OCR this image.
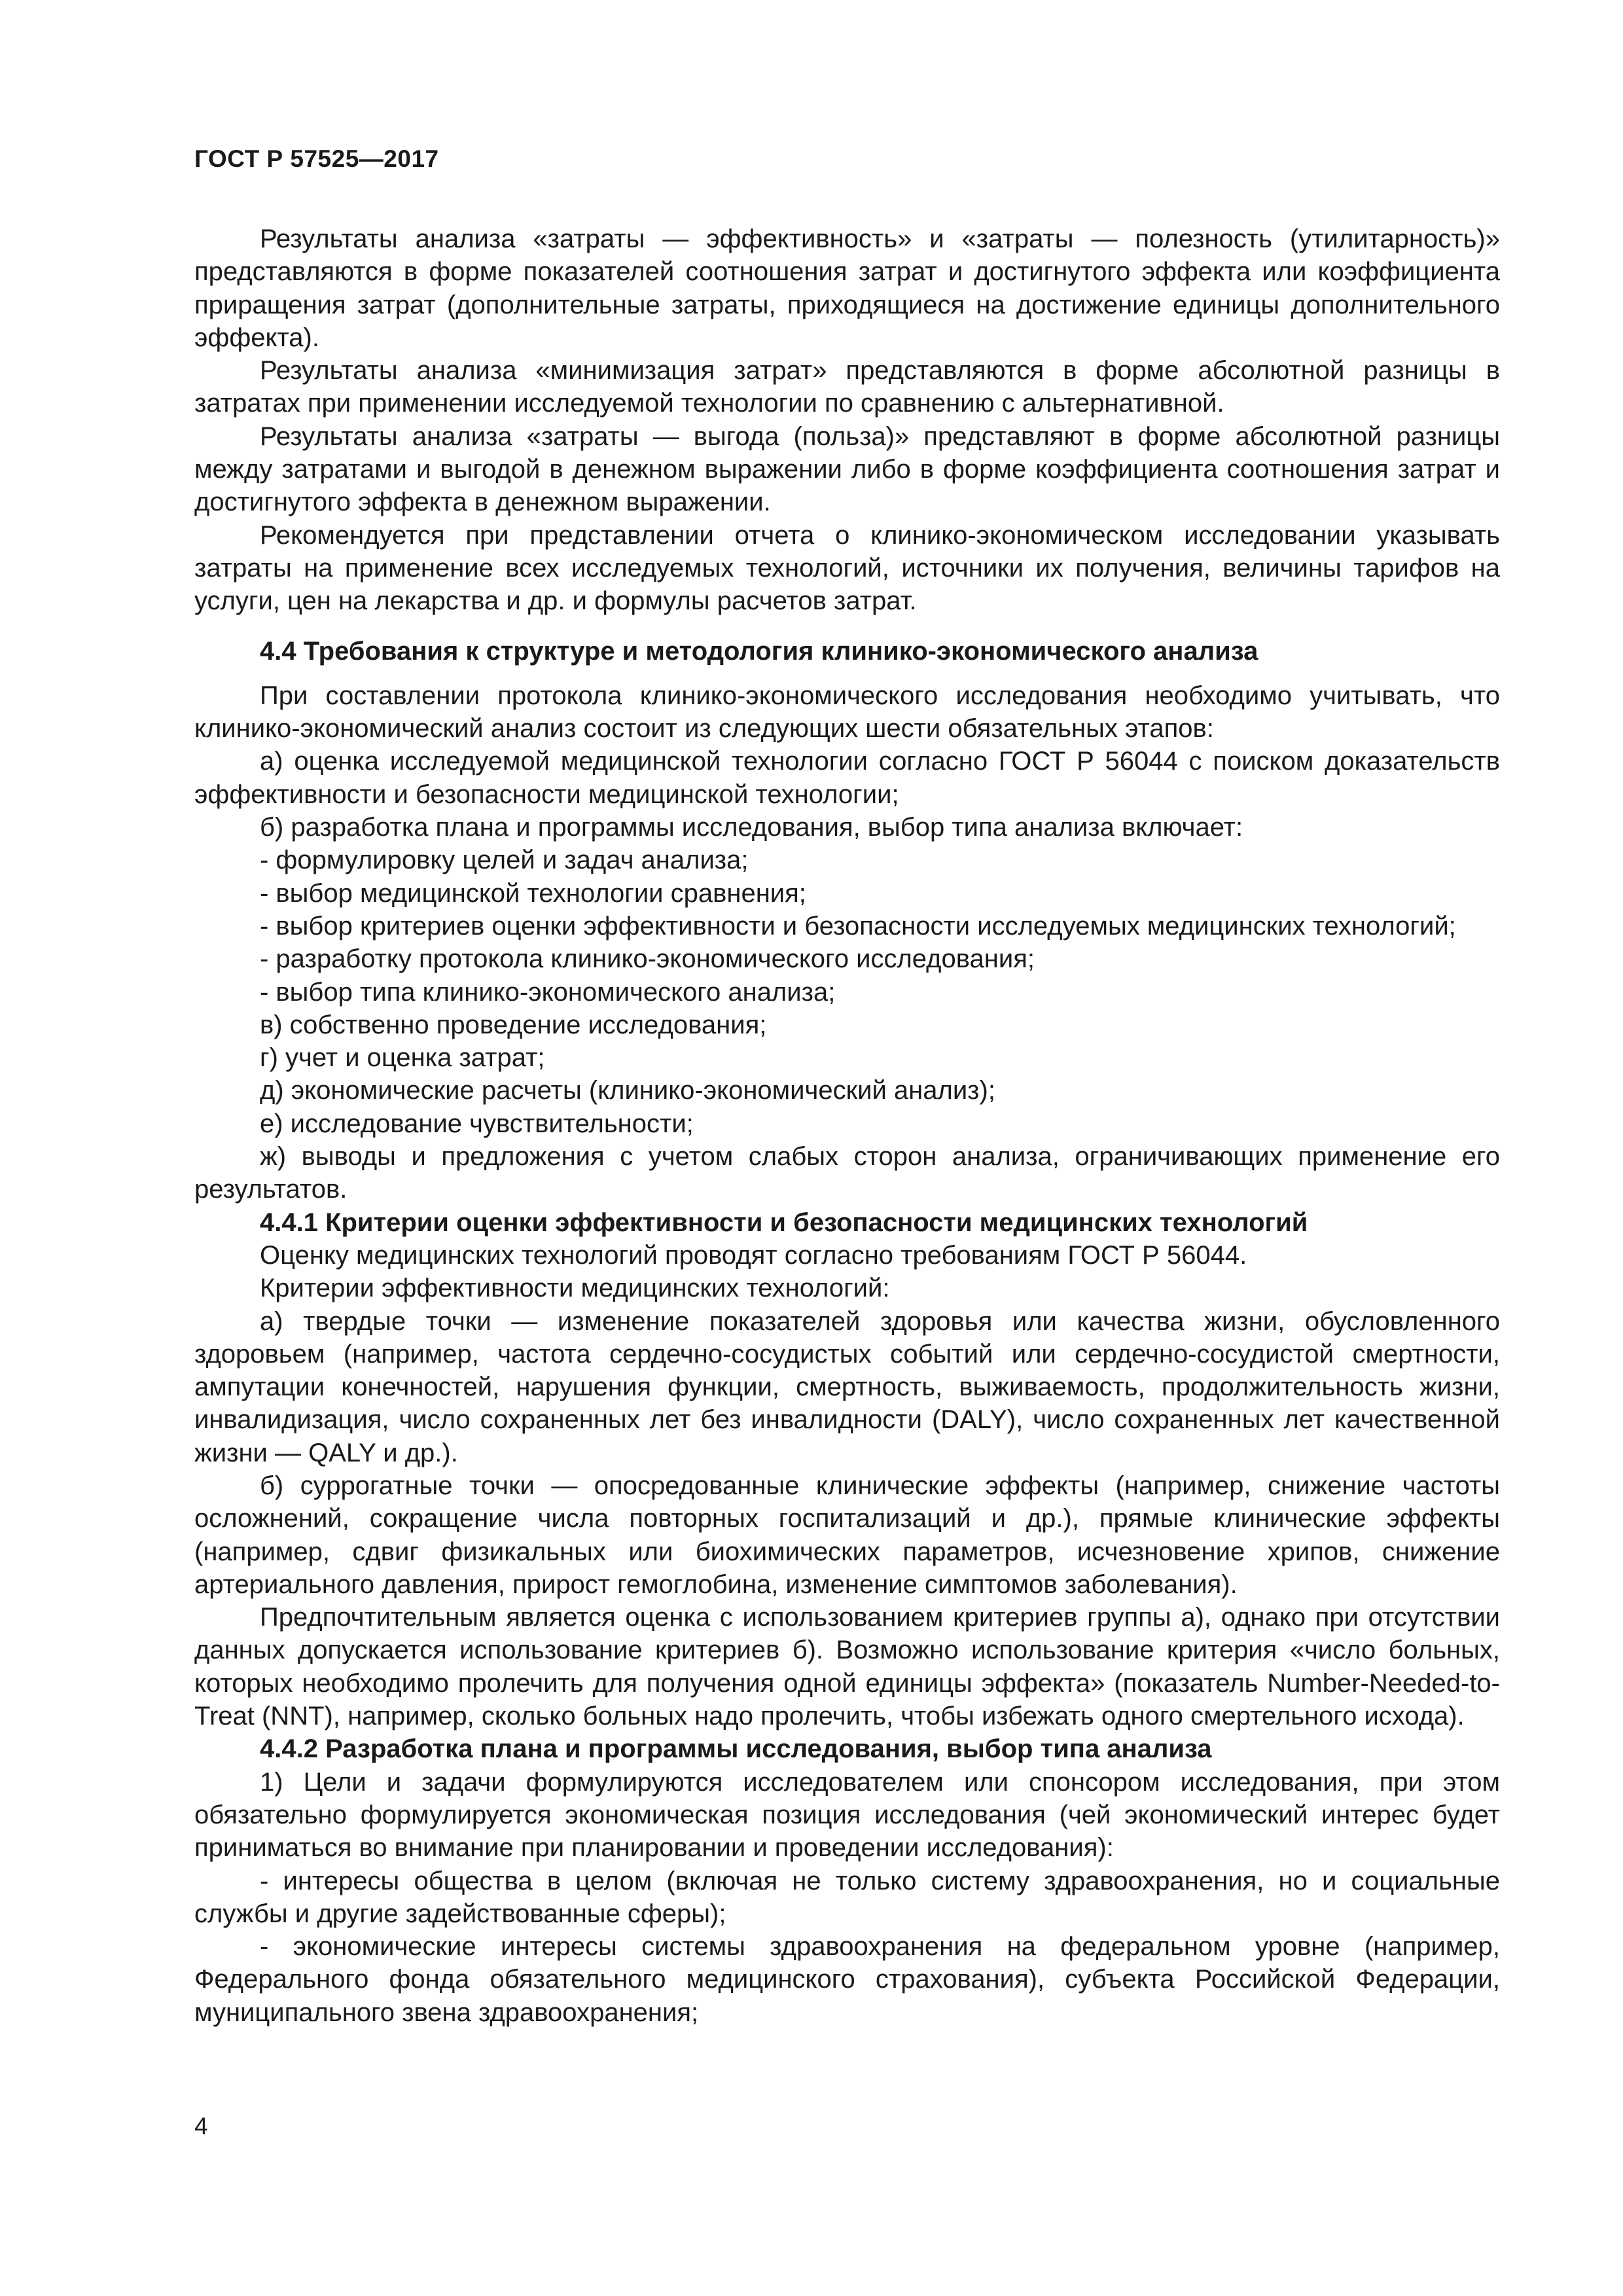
ГОСТ Р 57525—2017

Результаты анализа «затраты — эффективность» и «затраты — полезность (утилитарность)» представляются в форме показателей соотношения затрат и достигнутого эффекта или коэффициента приращения затрат (дополнительные затраты, приходящиеся на достижение единицы дополнительного эффекта).

Результаты анализа «минимизация затрат» представляются в форме абсолютной разницы в затратах при применении исследуемой технологии по сравнению с альтернативной.

Результаты анализа «затраты — выгода (польза)» представляют в форме абсолютной разницы между затратами и выгодой в денежном выражении либо в форме коэффициента соотношения затрат и достигнутого эффекта в денежном выражении.

Рекомендуется при представлении отчета о клинико-экономическом исследовании указывать затраты на применение всех исследуемых технологий, источники их получения, величины тарифов на услуги, цен на лекарства и др. и формулы расчетов затрат.

4.4 Требования к структуре и методология клинико-экономического анализа

При составлении протокола клинико-экономического исследования необходимо учитывать, что клинико-экономический анализ состоит из следующих шести обязательных этапов:

а) оценка исследуемой медицинской технологии согласно ГОСТ Р 56044 с поиском доказательств эффективности и безопасности медицинской технологии;

б) разработка плана и программы исследования, выбор типа анализа включает:

- формулировку целей и задач анализа;

- выбор медицинской технологии сравнения;

- выбор критериев оценки эффективности и безопасности исследуемых медицинских технологий;

- разработку протокола клинико-экономического исследования;

- выбор типа клинико-экономического анализа;

в) собственно проведение исследования;

г) учет и оценка затрат;

д) экономические расчеты (клинико-экономический анализ);

е) исследование чувствительности;

ж) выводы и предложения с учетом слабых сторон анализа, ограничивающих применение его результатов.

4.4.1 Критерии оценки эффективности и безопасности медицинских технологий

Оценку медицинских технологий проводят согласно требованиям ГОСТ Р 56044.

Критерии эффективности медицинских технологий:

а) твердые точки — изменение показателей здоровья или качества жизни, обусловленного здоровьем (например, частота сердечно-сосудистых событий или сердечно-сосудистой смертности, ампутации конечностей, нарушения функции, смертность, выживаемость, продолжительность жизни, инвалидизация, число сохраненных лет без инвалидности (DALY), число сохраненных лет качественной жизни — QALY и др.).

б) суррогатные точки — опосредованные клинические эффекты (например, снижение частоты осложнений, сокращение числа повторных госпитализаций и др.), прямые клинические эффекты (например, сдвиг физикальных или биохимических параметров, исчезновение хрипов, снижение артериального давления, прирост гемоглобина, изменение симптомов заболевания).

Предпочтительным является оценка с использованием критериев группы а), однако при отсутствии данных допускается использование критериев б). Возможно использование критерия «число больных, которых необходимо пролечить для получения одной единицы эффекта» (показатель Number-Needed-to-Treat (NNT), например, сколько больных надо пролечить, чтобы избежать одного смертельного исхода).

4.4.2 Разработка плана и программы исследования, выбор типа анализа

1) Цели и задачи формулируются исследователем или спонсором исследования, при этом обязательно формулируется экономическая позиция исследования (чей экономический интерес будет приниматься во внимание при планировании и проведении исследования):

- интересы общества в целом (включая не только систему здравоохранения, но и социальные службы и другие задействованные сферы);

- экономические интересы системы здравоохранения на федеральном уровне (например, Федерального фонда обязательного медицинского страхования), субъекта Российской Федерации, муниципального звена здравоохранения;

4
